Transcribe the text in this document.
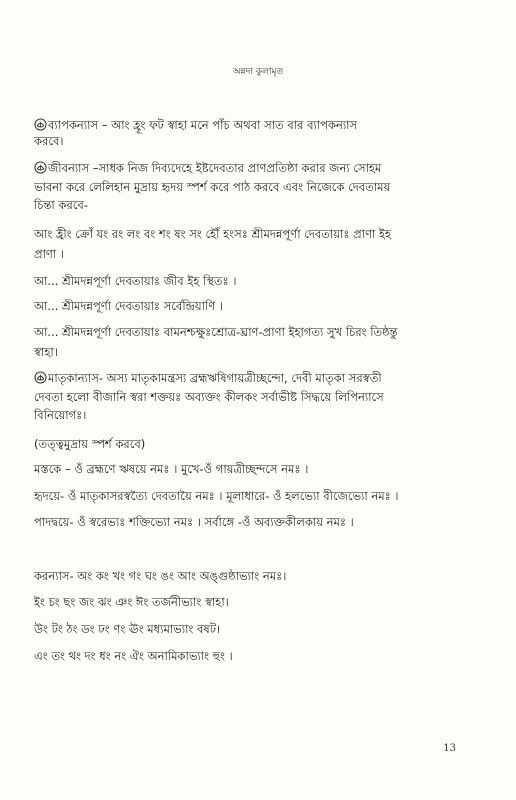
অন্নদা কুলামৃত
ব্যাপকন্যাস – আং হ্রূং ফট স্বাহা মনে পাঁচ অথবা সাত বার ব্যাপকন্যাস
করবে।
জীবন্যাস –সাধক নিজ দিব্যদেহে ইষ্টদেবতার প্রাণপ্রতিষ্ঠা করার জন্য সোহম
ভাবনা করে লেলিহান মুদ্রায় হৃদয় স্পর্শ করে পাঠ করবে এবং নিজেকে দেবতাময়
চিন্তা করবে-
আং হ্রীং ক্রোঁ যং রং লং বং শং ষং সং হৌঁ হংসঃ শ্রীমদন্নপূর্ণা দেবতায়াঃ প্রাণা ইহ
প্রাণা ।
আ... শ্রীমদন্নপূর্ণা দেবতায়াঃ জীব ইহ স্থিতঃ ।
আ... শ্রীমদন্নপূর্ণা দেবতায়াঃ সর্বেন্দ্রিয়াণি ।
আ... শ্রীমদন্নপূর্ণা দেবতায়াঃ বামনশ্চক্ষুঃশ্রোত্র-ঘ্রাণ-প্রাণা ইহাগত্য সুখ চিরং তিষ্ঠন্তু
স্বাহা।
মাতৃকান্যাস- অস্য মাতৃকামন্ত্রস্য ব্রহ্মঋষিগায়ত্রীচ্ছন্দো, দেবী মাতৃকা সরস্বতী
দেবতা হলো বীজানি স্বরা শক্তয়ঃ অব্যক্তং কীলকং সর্বাভীষ্ট সিদ্ধয়ে লিপিন্যাসে
বিনিয়োগঃ।
(তত্ত্বমুদ্রায় স্পর্শ করবে)
মস্তকে – ওঁ ব্রহ্মণে ঋষয়ে নমঃ । মুখে-ওঁ গায়ত্রীচ্ছন্দসে নমঃ ।
হৃদয়ে- ওঁ মাতৃকাসরস্বত্যৈ দেবতায়ৈ নমঃ । মূলাধারে- ওঁ হলভ্যো বীজেভ্যো নমঃ ।
পাদদ্বয়ে- ওঁ স্বরেভ্যঃ শক্তিভ্যো নমঃ । সর্বাঙ্গে -ওঁ অব্যক্তকীলকায় নমঃ ।
করন্যাস- অং কং খং গং ঘং ঙং আং অঙ্গুষ্ঠাভ্যাং নমঃ।
ইং চং ছং জং ঝং ঞং ঈং তর্জনীভ্যাং স্বাহা।
উং টং ঠং ডং ঢং ণং ঊং মধ্যমাভ্যাং বষট।
এং তং থং দং ধং নং ঐং অনামিকাভ্যাং হুং ।
13
